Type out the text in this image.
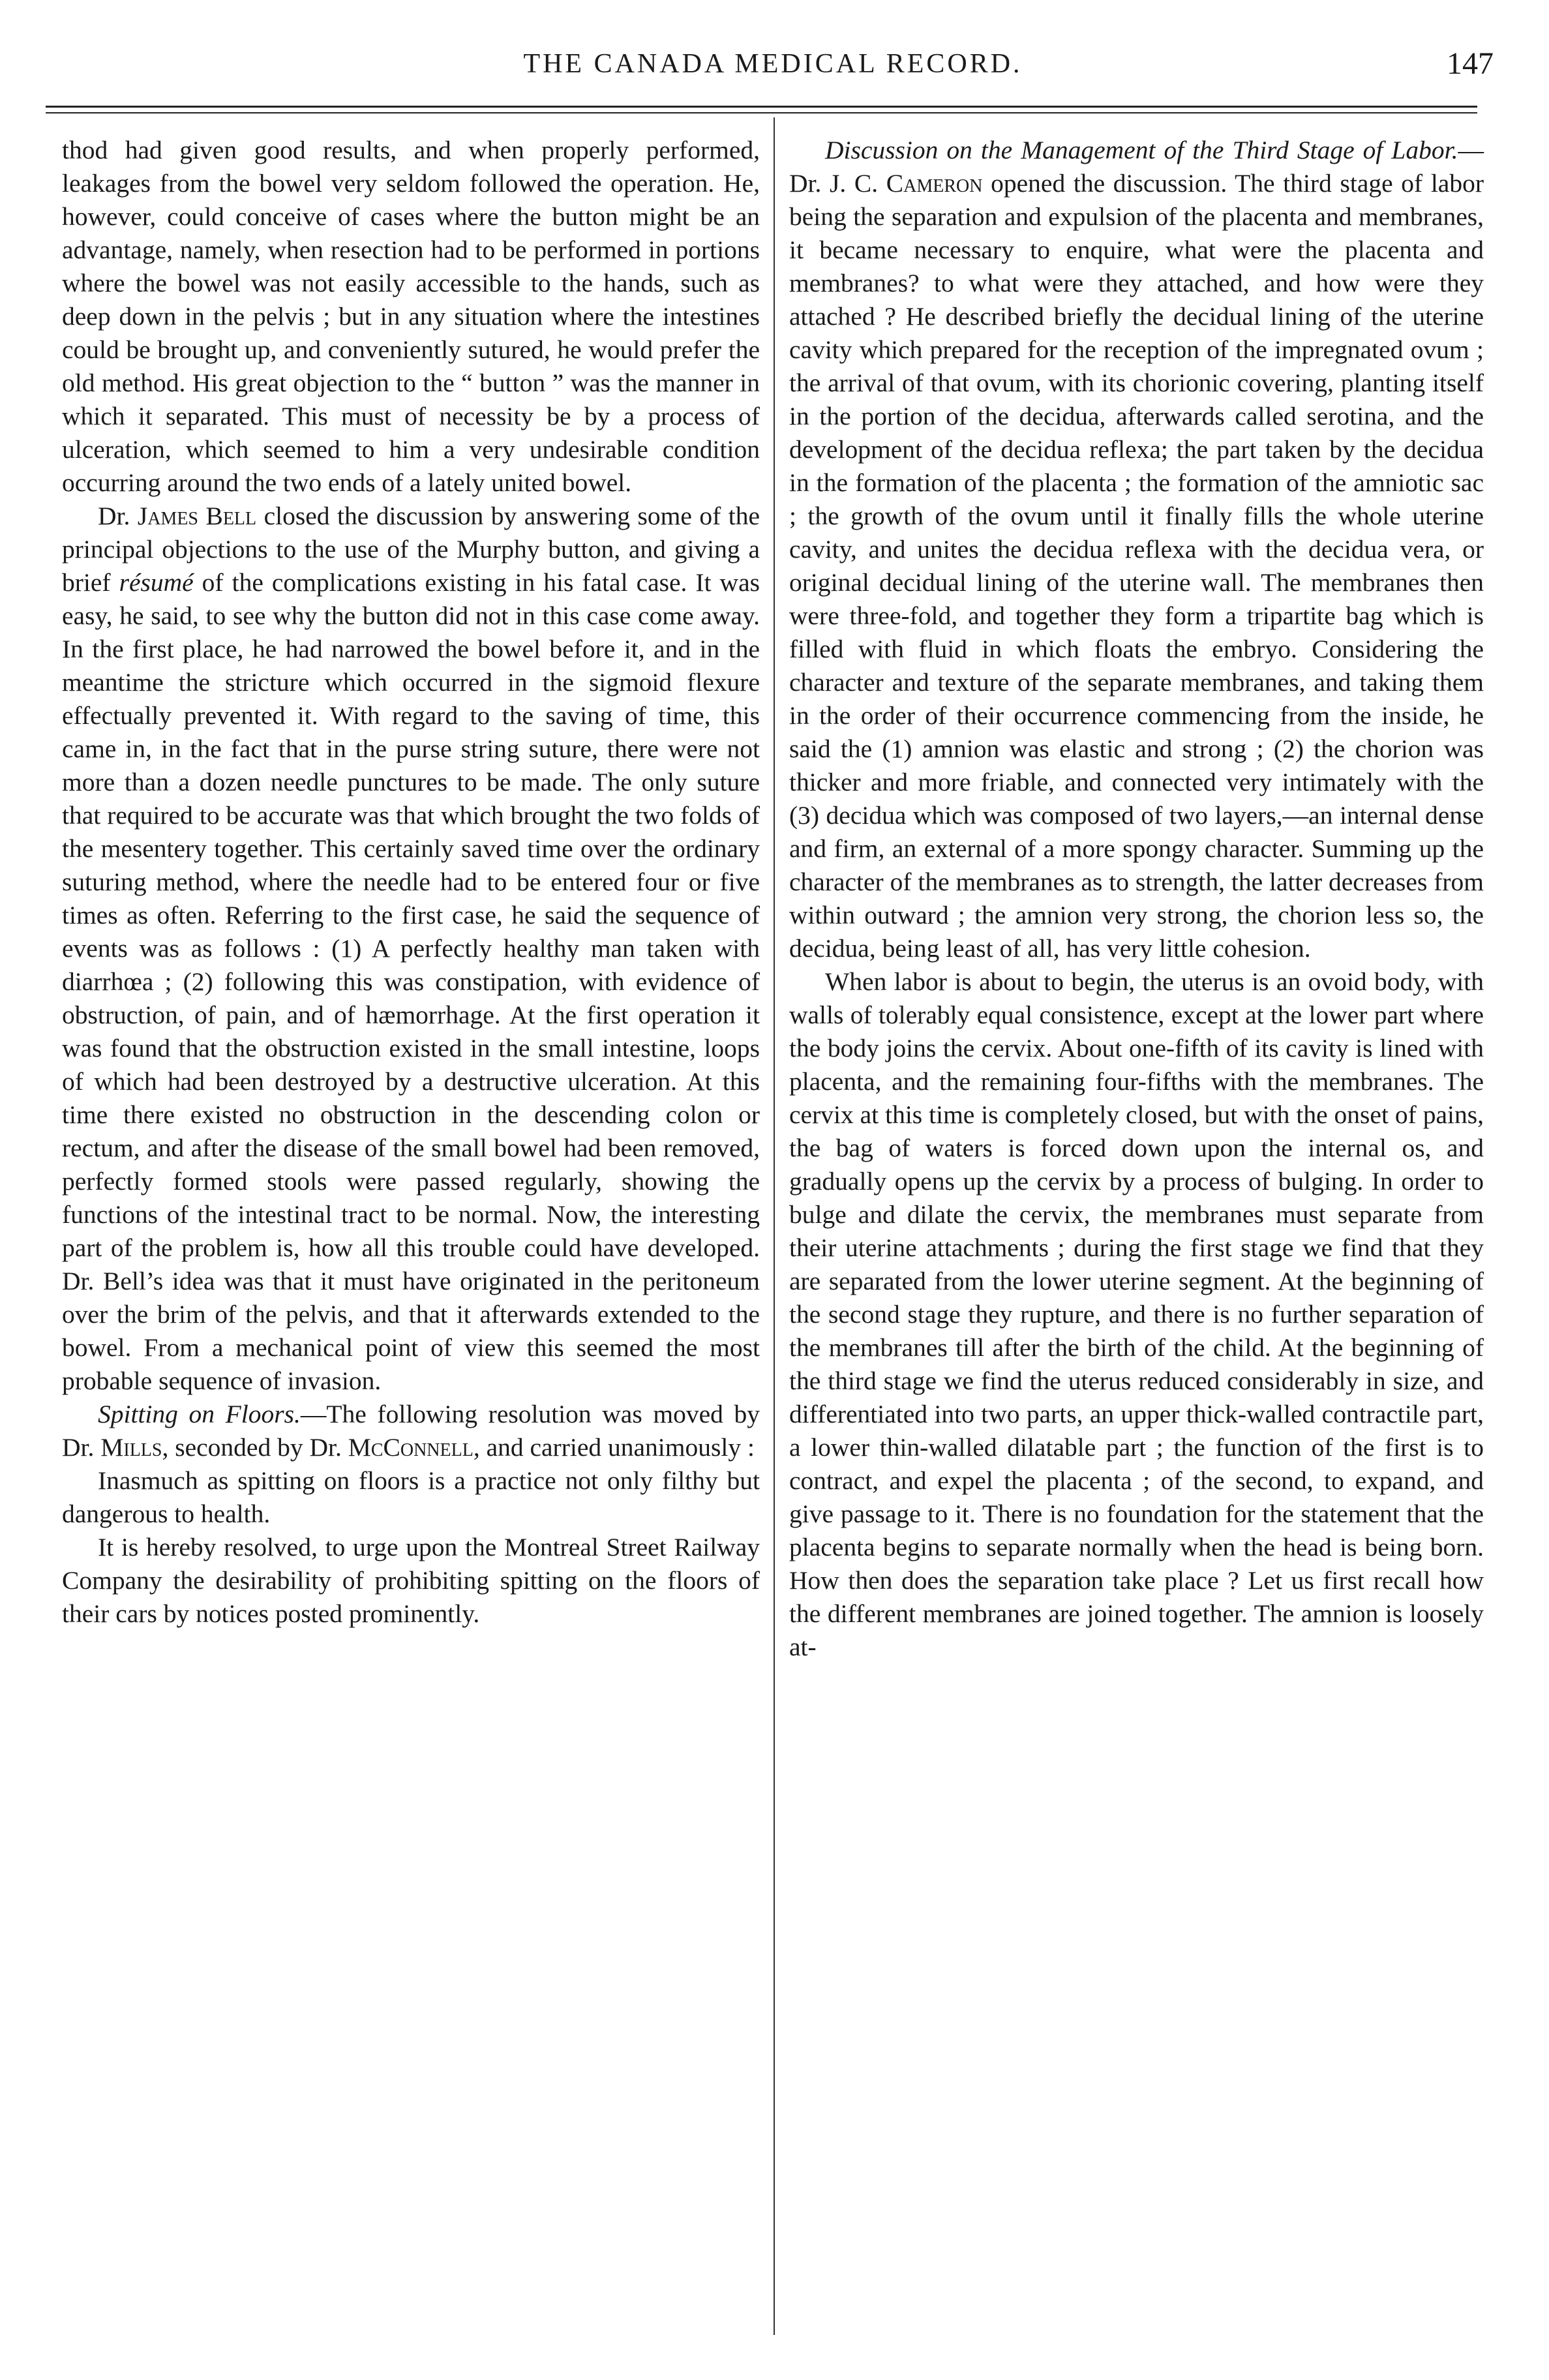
THE CANADA MEDICAL RECORD.	147

thod had given good results, and when properly performed, leakages from the bowel very seldom followed the operation. He, however, could conceive of cases where the button might be an advantage, namely, when resection had to be performed in portions where the bowel was not easily accessible to the hands, such as deep down in the pelvis ; but in any situation where the intestines could be brought up, and conveniently sutured, he would prefer the old method. His great objection to the “ button ” was the manner in which it separated. This must of necessity be by a process of ulceration, which seemed to him a very undesirable condition occurring around the two ends of a lately united bowel.

Dr. James Bell closed the discussion by answering some of the principal objections to the use of the Murphy button, and giving a brief résumé of the complications existing in his fatal case. It was easy, he said, to see why the button did not in this case come away. In the first place, he had narrowed the bowel before it, and in the meantime the stricture which occurred in the sigmoid flexure effectually prevented it. With regard to the saving of time, this came in, in the fact that in the purse string suture, there were not more than a dozen needle punctures to be made. The only suture that required to be accurate was that which brought the two folds of the mesentery together. This certainly saved time over the ordinary suturing method, where the needle had to be entered four or five times as often. Referring to the first case, he said the sequence of events was as follows : (1) A perfectly healthy man taken with diarrhœa ; (2) following this was constipation, with evidence of obstruction, of pain, and of hæmorrhage. At the first operation it was found that the obstruction existed in the small intestine, loops of which had been destroyed by a destructive ulceration. At this time there existed no obstruction in the descending colon or rectum, and after the disease of the small bowel had been removed, perfectly formed stools were passed regularly, showing the functions of the intestinal tract to be normal. Now, the interesting part of the problem is, how all this trouble could have developed. Dr. Bell’s idea was that it must have originated in the peritoneum over the brim of the pelvis, and that it afterwards extended to the bowel. From a mechanical point of view this seemed the most probable sequence of invasion.

Spitting on Floors.—The following resolution was moved by Dr. Mills, seconded by Dr. McConnell, and carried unanimously :

Inasmuch as spitting on floors is a practice not only filthy but dangerous to health.

It is hereby resolved, to urge upon the Montreal Street Railway Company the desirability of prohibiting spitting on the floors of their cars by notices posted prominently.

Discussion on the Management of the Third Stage of Labor.—Dr. J. C. Cameron opened the discussion. The third stage of labor being the separation and expulsion of the placenta and membranes, it became necessary to enquire, what were the placenta and membranes? to what were they attached, and how were they attached ? He described briefly the decidual lining of the uterine cavity which prepared for the reception of the impregnated ovum ; the arrival of that ovum, with its chorionic covering, planting itself in the portion of the decidua, afterwards called serotina, and the development of the decidua reflexa; the part taken by the decidua in the formation of the placenta ; the formation of the amniotic sac ; the growth of the ovum until it finally fills the whole uterine cavity, and unites the decidua reflexa with the decidua vera, or original decidual lining of the uterine wall. The membranes then were three-fold, and together they form a tripartite bag which is filled with fluid in which floats the embryo. Considering the character and texture of the separate membranes, and taking them in the order of their occurrence commencing from the inside, he said the (1) amnion was elastic and strong ; (2) the chorion was thicker and more friable, and connected very intimately with the (3) decidua which was composed of two layers,—an internal dense and firm, an external of a more spongy character. Summing up the character of the membranes as to strength, the latter decreases from within outward ; the amnion very strong, the chorion less so, the decidua, being least of all, has very little cohesion.

When labor is about to begin, the uterus is an ovoid body, with walls of tolerably equal consistence, except at the lower part where the body joins the cervix. About one-fifth of its cavity is lined with placenta, and the remaining four-fifths with the membranes. The cervix at this time is completely closed, but with the onset of pains, the bag of waters is forced down upon the internal os, and gradually opens up the cervix by a process of bulging. In order to bulge and dilate the cervix, the membranes must separate from their uterine attachments ; during the first stage we find that they are separated from the lower uterine segment. At the beginning of the second stage they rupture, and there is no further separation of the membranes till after the birth of the child. At the beginning of the third stage we find the uterus reduced considerably in size, and differentiated into two parts, an upper thick-walled contractile part, a lower thin-walled dilatable part ; the function of the first is to contract, and expel the placenta ; of the second, to expand, and give passage to it. There is no foundation for the statement that the placenta begins to separate normally when the head is being born. How then does the separation take place ? Let us first recall how the different membranes are joined together. The amnion is loosely at-
